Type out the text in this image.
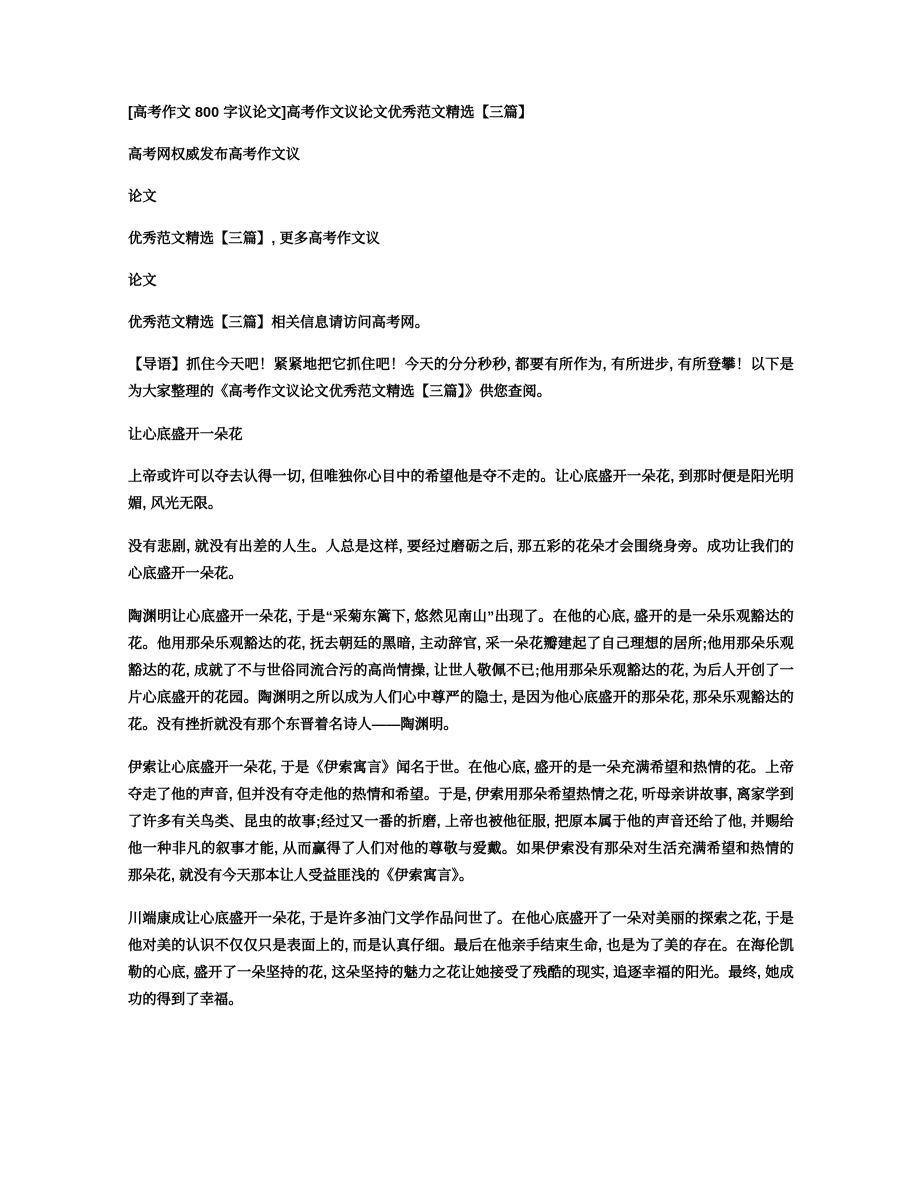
[高考作文 800 字议论文]高考作文议论文优秀范文精选【三篇】
高考网权威发布高考作文议
论文
优秀范文精选【三篇】, 更多高考作文议
论文
优秀范文精选【三篇】相关信息请访问高考网。
【导语】抓住今天吧！紧紧地把它抓住吧！今天的分分秒秒, 都要有所作为, 有所进步, 有所登攀！以下是为大家整理的《高考作文议论文优秀范文精选【三篇】》供您查阅。
让心底盛开一朵花
上帝或许可以夺去认得一切, 但唯独你心目中的希望他是夺不走的。让心底盛开一朵花, 到那时便是阳光明媚, 风光无限。
没有悲剧, 就没有出差的人生。人总是这样, 要经过磨砺之后, 那五彩的花朵才会围绕身旁。成功让我们的心底盛开一朵花。
陶渊明让心底盛开一朵花, 于是“采菊东篱下, 悠然见南山”出现了。在他的心底, 盛开的是一朵乐观豁达的花。他用那朵乐观豁达的花, 抚去朝廷的黑暗, 主动辞官, 采一朵花瓣建起了自己理想的居所;他用那朵乐观豁达的花, 成就了不与世俗同流合污的高尚情操, 让世人敬佩不已;他用那朵乐观豁达的花, 为后人开创了一片心底盛开的花园。陶渊明之所以成为人们心中尊严的隐士, 是因为他心底盛开的那朵花, 那朵乐观豁达的花。没有挫折就没有那个东晋着名诗人——陶渊明。
伊索让心底盛开一朵花, 于是《伊索寓言》闻名于世。在他心底, 盛开的是一朵充满希望和热情的花。上帝夺走了他的声音, 但并没有夺走他的热情和希望。于是, 伊索用那朵希望热情之花, 听母亲讲故事, 离家学到了许多有关鸟类、昆虫的故事;经过又一番的折磨, 上帝也被他征服, 把原本属于他的声音还给了他, 并赐给他一种非凡的叙事才能, 从而赢得了人们对他的尊敬与爱戴。如果伊索没有那朵对生活充满希望和热情的那朵花, 就没有今天那本让人受益匪浅的《伊索寓言》。
川端康成让心底盛开一朵花, 于是许多油门文学作品问世了。在他心底盛开了一朵对美丽的探索之花, 于是他对美的认识不仅仅只是表面上的, 而是认真仔细。最后在他亲手结束生命, 也是为了美的存在。在海伦凯勒的心底, 盛开了一朵坚持的花, 这朵坚持的魅力之花让她接受了残酷的现实, 追逐幸福的阳光。最终, 她成功的得到了幸福。
